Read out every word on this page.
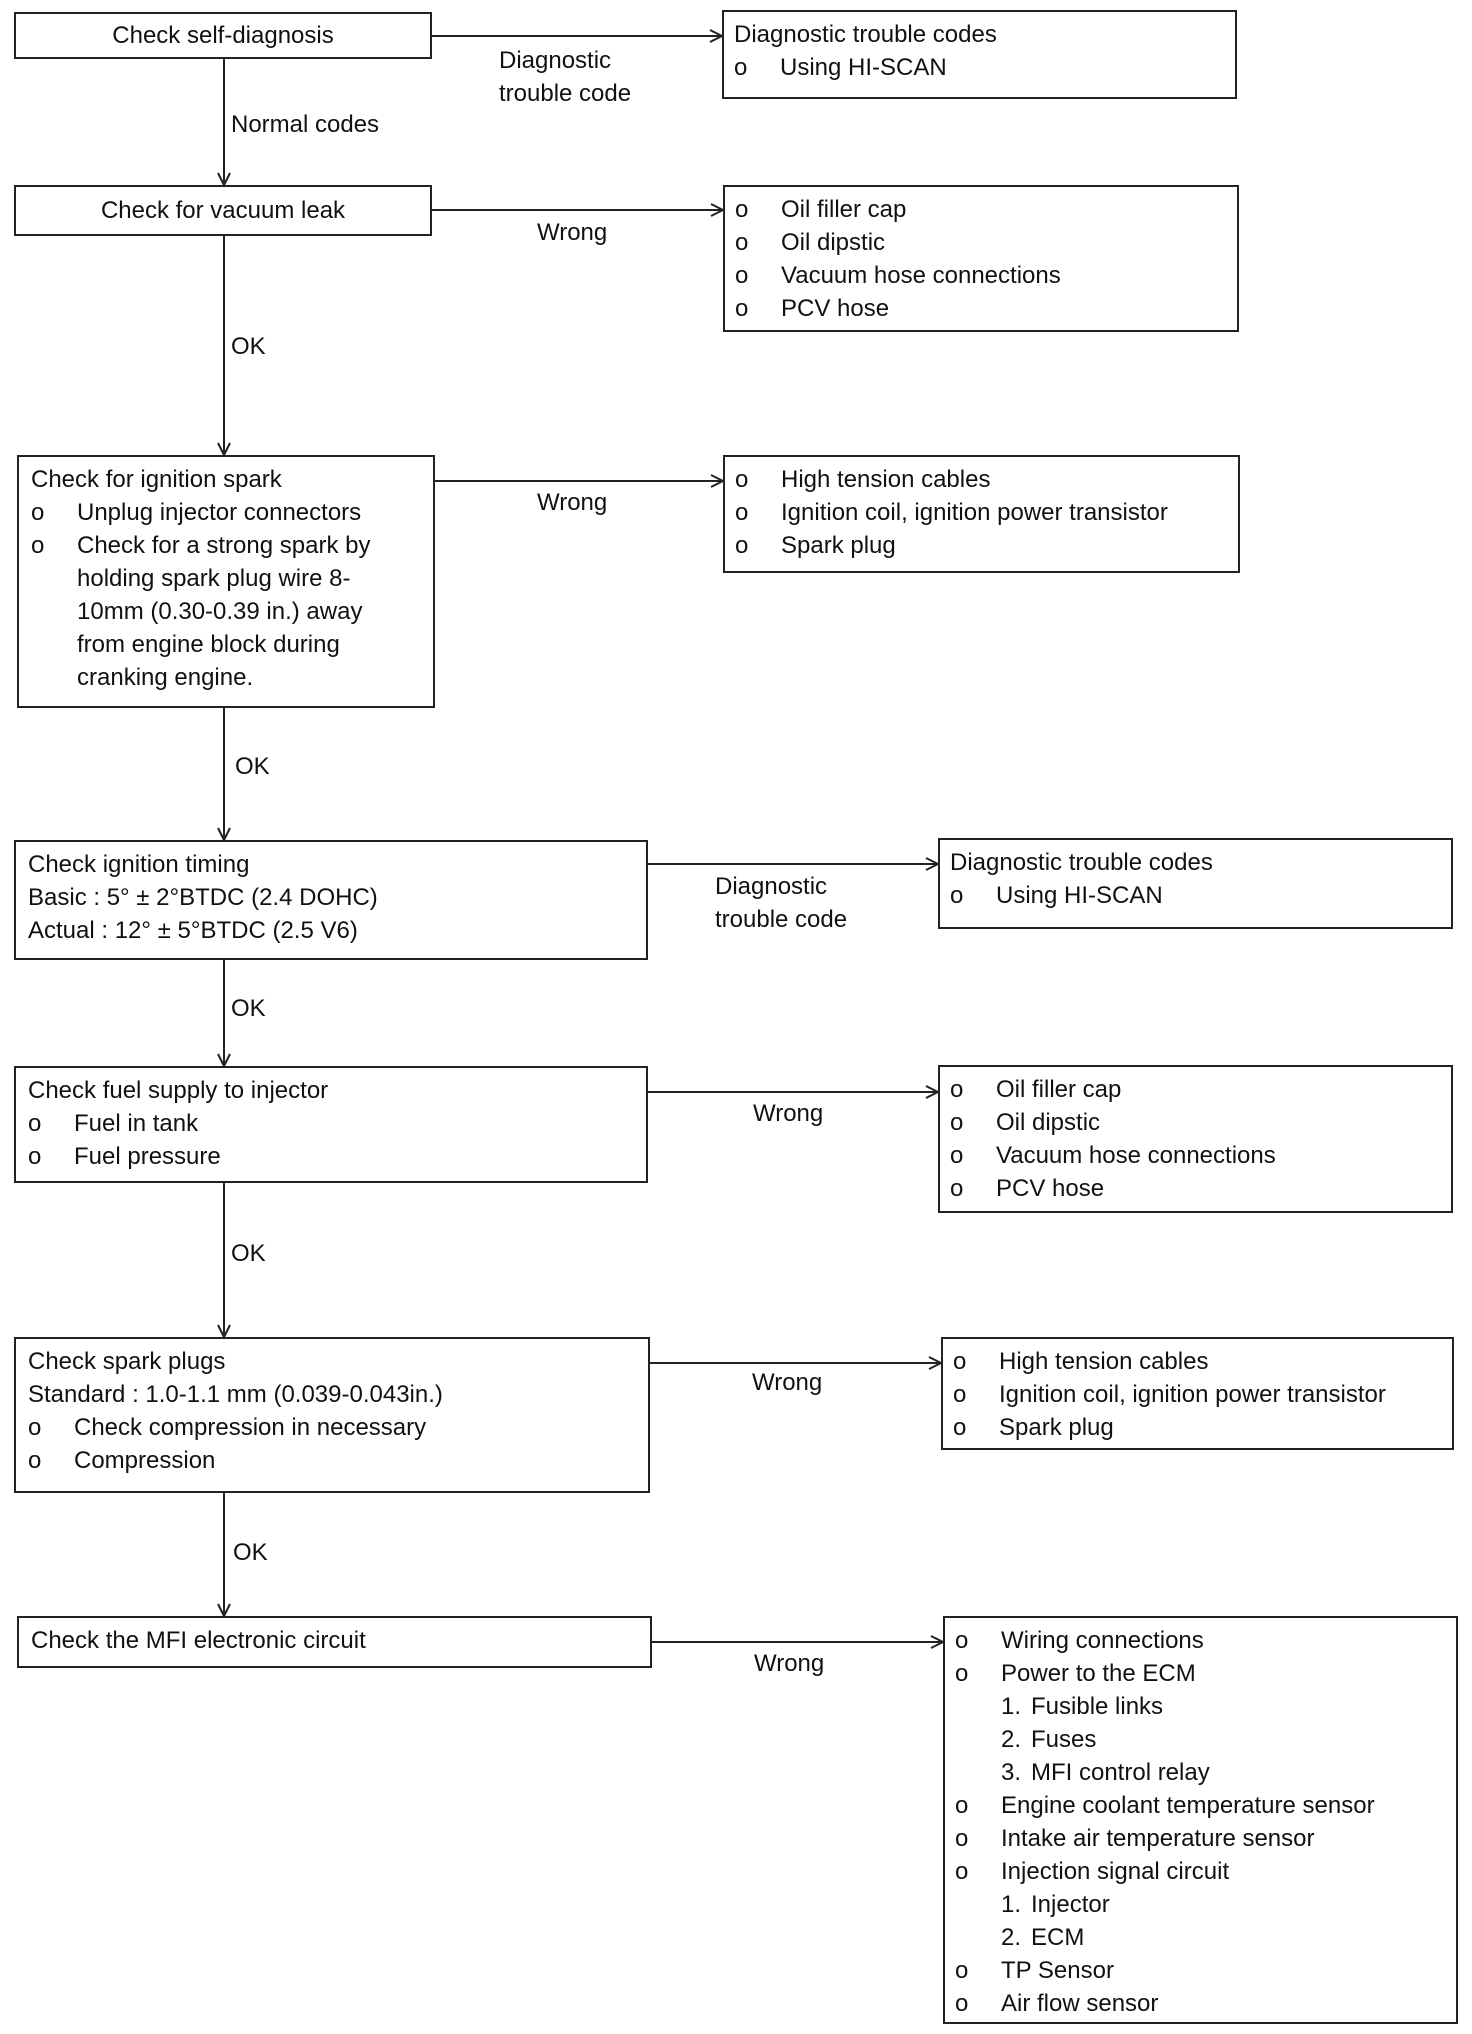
Check self-diagnosis	Diagnostic trouble codes
o Using HI-SCAN
Diagnostic
trouble code
Normal codes
Check for vacuum leak	o Oil filler cap
o Oil dipstic
o Vacuum hose connections
o PCV hose
Wrong
OK
Check for ignition spark
o Unplug injector connectors
o Check for a strong spark by
holding spark plug wire 8-
10mm (0.30-0.39 in.) away
from engine block during
cranking engine.
o High tension cables
o Ignition coil, ignition power transistor
o Spark plug
Wrong
OK
Check ignition timing
Basic : 5° ± 2°BTDC (2.4 DOHC)
Actual : 12° ± 5°BTDC (2.5 V6)
Diagnostic trouble codes
o Using HI-SCAN
Diagnostic
trouble code
OK
Check fuel supply to injector
o Fuel in tank
o Fuel pressure
o Oil filler cap
o Oil dipstic
o Vacuum hose connections
o PCV hose
Wrong
OK
Check spark plugs
Standard : 1.0-1.1 mm (0.039-0.043in.)
o Check compression in necessary
o Compression
o High tension cables
o Ignition coil, ignition power transistor
o Spark plug
Wrong
OK
Check the MFI electronic circuit	o Wiring connections
o Power to the ECM
1. Fusible links
2. Fuses
3. MFI control relay
o Engine coolant temperature sensor
o Intake air temperature sensor
o Injection signal circuit
1. Injector
2. ECM
o TP Sensor
o Air flow sensor
Wrong
